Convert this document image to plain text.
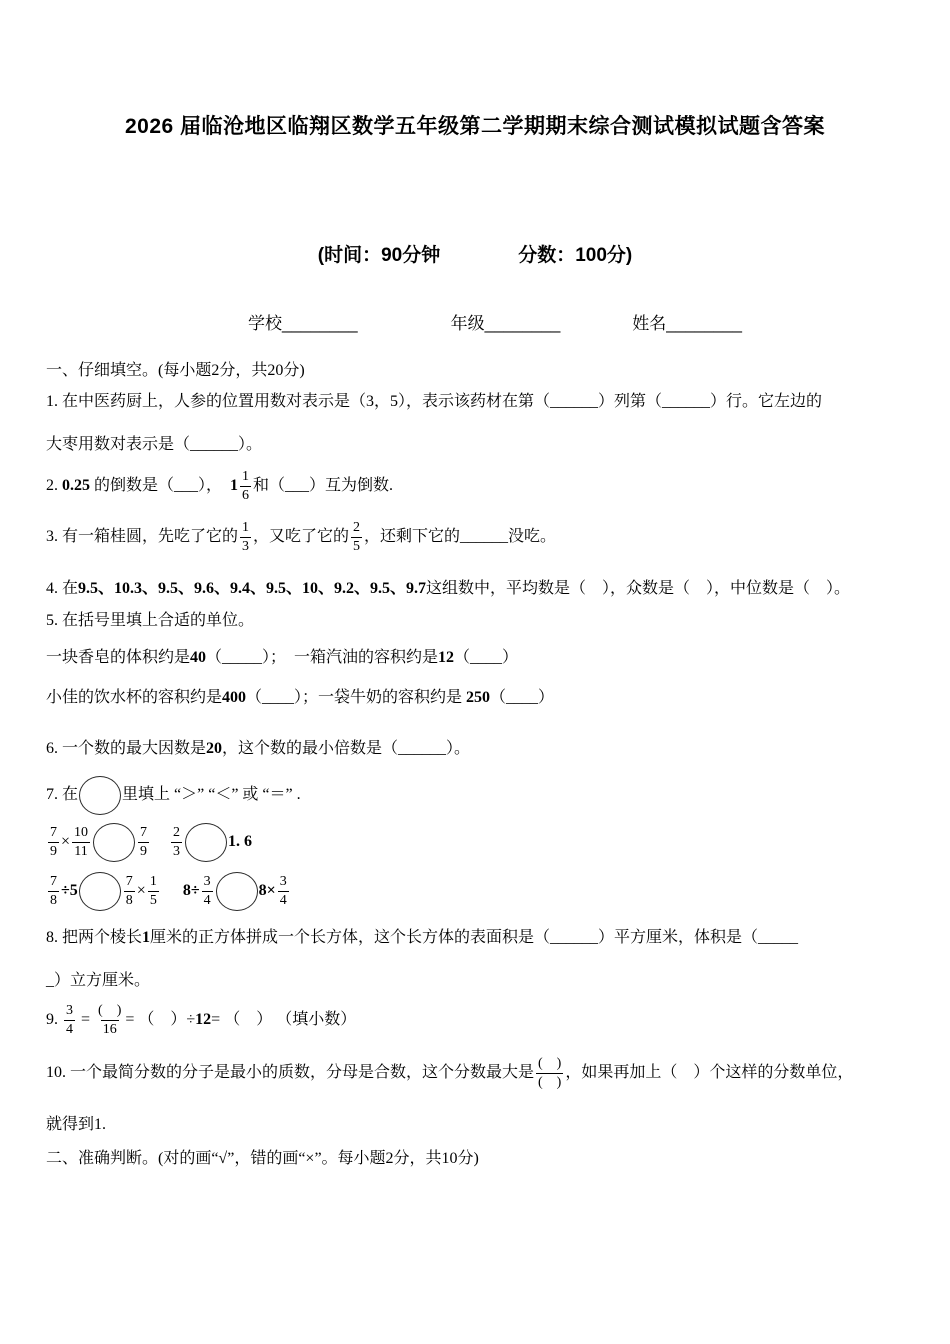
2026 届临沧地区临翔区数学五年级第二学期期末综合测试模拟试题含答案
(时间：90分钟	分数：100分)
学校________	年级________	姓名________
一、仔细填空。(每小题2分，共20分)
1. 在中医药厨上，人参的位置用数对表示是（3，5），表示该药材在第（______）列第（______）行。它左边的
大枣用数对表示是（______）。
2. 0.25 的倒数是（___），　 $1 \frac{1}{6}$ 和（___）互为倒数.
3. 有一箱桂圆，先吃了它的 $\frac{1}{3}$ ，又吃了它的 $\frac{2}{5}$ ，还剩下它的______没吃。
4. 在9.5、10.3、9.5、9.6、9.4、9.5、10、9.2、9.5、9.7这组数中，平均数是（　），众数是（　），中位数是（　）。
5. 在括号里填上合适的单位。
一块香皂的体积约是40（_____）；　一箱汽油的容积约是12（____）
小佳的饮水杯的容积约是400（____）；一袋牛奶的容积约是 250（____）
6. 一个数的最大因数是20，这个数的最小倍数是（______）。
7. 在	里填上 “＞” “＜” 或 “＝” .
$\frac{7}{9} \times \frac{10}{11}$	$\frac{7}{9} \frac{2}{3}$	1. 6
$\frac{7}{8} \div 5$	$\frac{7}{8} \times \frac{1}{5} 8\div \frac{3}{4}$	$8\times \frac{3}{4}$
8. 把两个棱长1厘米的正方体拼成一个长方体，这个长方体的表面积是（______）平方厘米，体积是（_____
_）立方厘米。
9. $\frac{3}{4} = \frac{( )}{16}$ = （　）÷12= （　） （填小数）
10. 一个最简分数的分子是最小的质数，分母是合数，这个分数最大是 $\frac{( )}{( )}$ ，如果再加上（　）个这样的分数单位，
就得到1.
二、准确判断。(对的画“√”，错的画“×”。每小题2分，共10分)
